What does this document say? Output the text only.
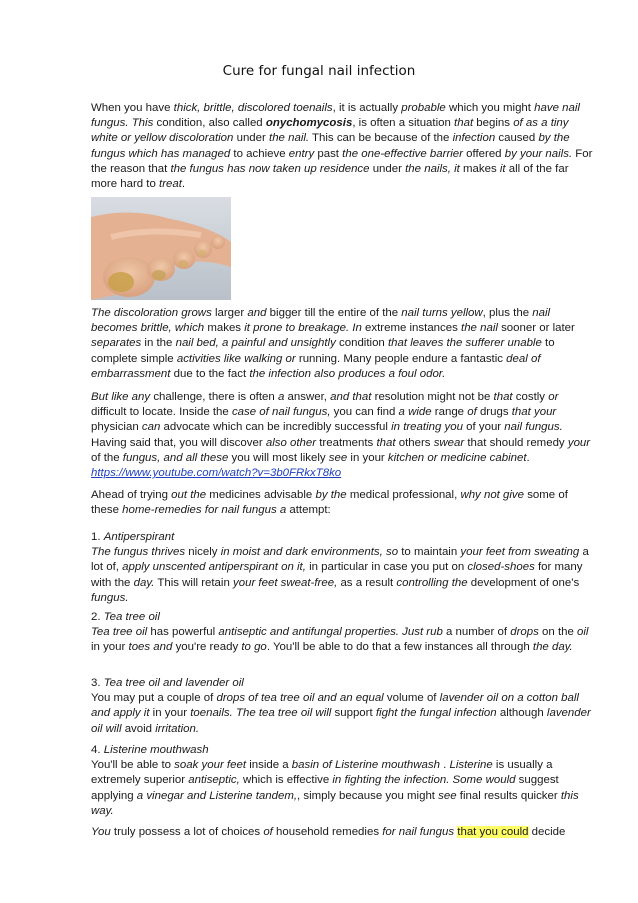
Cure for fungal nail infection

When you have thick, brittle, discolored toenails, it is actually probable which you might have nail fungus. This condition, also called onychomycosis, is often a situation that begins of as a tiny white or yellow discoloration under the nail. This can be because of the infection caused by the fungus which has managed to achieve entry past the one-effective barrier offered by your nails. For the reason that the fungus has now taken up residence under the nails, it makes it all of the far more hard to treat.

The discoloration grows larger and bigger till the entire of the nail turns yellow, plus the nail becomes brittle, which makes it prone to breakage. In extreme instances the nail sooner or later separates in the nail bed, a painful and unsightly condition that leaves the sufferer unable to complete simple activities like walking or running. Many people endure a fantastic deal of embarrassment due to the fact the infection also produces a foul odor.

But like any challenge, there is often a answer, and that resolution might not be that costly or difficult to locate. Inside the case of nail fungus, you can find a wide range of drugs that your physician can advocate which can be incredibly successful in treating you of your nail fungus. Having said that, you will discover also other treatments that others swear that should remedy your of the fungus, and all these you will most likely see in your kitchen or medicine cabinet. https://www.youtube.com/watch?v=3b0FRkxT8ko

Ahead of trying out the medicines advisable by the medical professional, why not give some of these home-remedies for nail fungus a attempt:

1. Antiperspirant
The fungus thrives nicely in moist and dark environments, so to maintain your feet from sweating a lot of, apply unscented antiperspirant on it, in particular in case you put on closed-shoes for many with the day. This will retain your feet sweat-free, as a result controlling the development of one's fungus.

2. Tea tree oil
Tea tree oil has powerful antiseptic and antifungal properties. Just rub a number of drops on the oil in your toes and you're ready to go. You'll be able to do that a few instances all through the day.

3. Tea tree oil and lavender oil
You may put a couple of drops of tea tree oil and an equal volume of lavender oil on a cotton ball and apply it in your toenails. The tea tree oil will support fight the fungal infection although lavender oil will avoid irritation.

4. Listerine mouthwash
You'll be able to soak your feet inside a basin of Listerine mouthwash . Listerine is usually a extremely superior antiseptic, which is effective in fighting the infection. Some would suggest applying a vinegar and Listerine tandem,, simply because you might see final results quicker this way.

You truly possess a lot of choices of household remedies for nail fungus that you could decide
